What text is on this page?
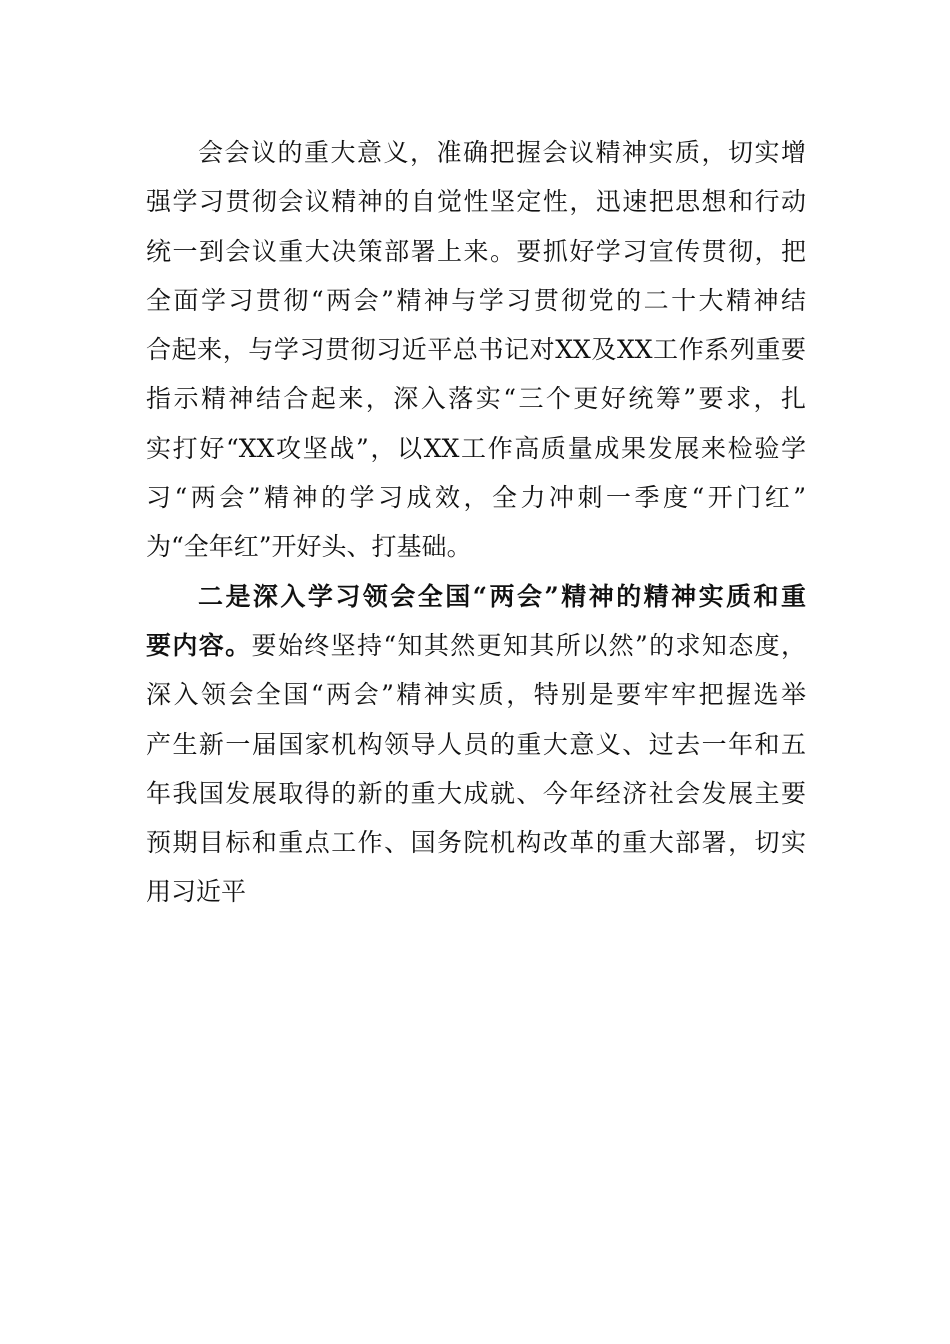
会会议的重大意义，准确把握会议精神实质，切实增
强学习贯彻会议精神的自觉性坚定性，迅速把思想和行动
统一到会议重大决策部署上来。要抓好学习宣传贯彻，把
全面学习贯彻“两会”精神与学习贯彻党的二十大精神结
合起来，与学习贯彻习近平总书记对XX及XX工作系列重要
指示精神结合起来，深入落实“三个更好统筹”要求，扎
实打好“XX攻坚战”，以XX工作高质量成果发展来检验学
习“两会”精神的学习成效，全力冲刺一季度“开门红”
为“全年红”开好头、打基础。
二是深入学习领会全国“两会”精神的精神实质和重
要内容。要始终坚持“知其然更知其所以然”的求知态度，
深入领会全国“两会”精神实质，特别是要牢牢把握选举
产生新一届国家机构领导人员的重大意义、过去一年和五
年我国发展取得的新的重大成就、今年经济社会发展主要
预期目标和重点工作、国务院机构改革的重大部署，切实
用习近平
